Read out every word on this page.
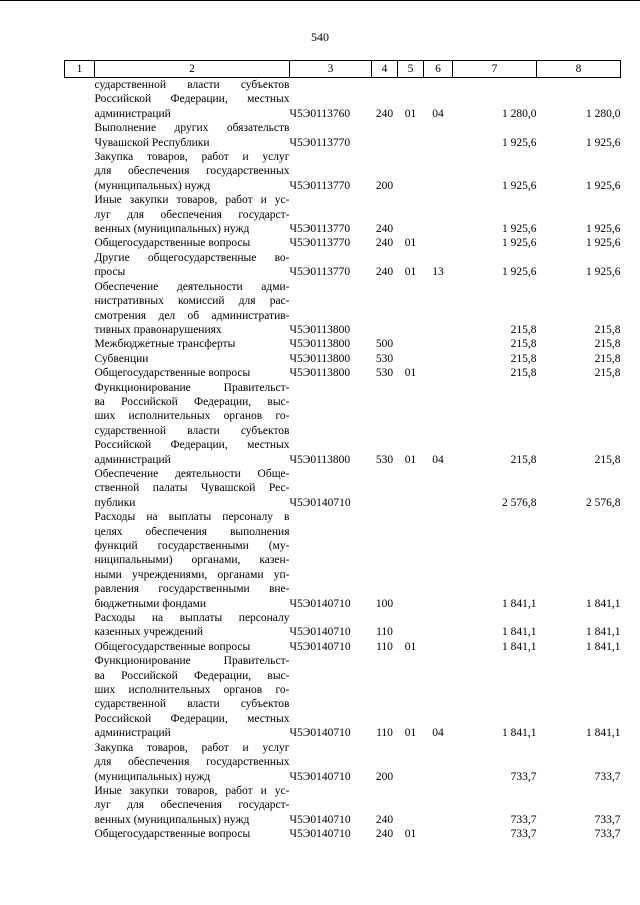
540
1	2	3	4	5	6	7	8

	сударственной власти субъектов
Российской Федерации, местных
администраций	Ч5Э0113760	240	01	04	1 280,0	1 280,0

	Выполнение других обязательств
Чувашской Республики	Ч5Э0113770				1 925,6	1 925,6

	Закупка товаров, работ и услуг
для обеспечения государственных
(муниципальных) нужд	Ч5Э0113770	200			1 925,6	1 925,6

	Иные закупки товаров, работ и ус-
луг для обеспечения государст-
венных (муниципальных) нужд	Ч5Э0113770	240			1 925,6	1 925,6

	Общегосударственные вопросы	Ч5Э0113770	240	01		1 925,6	1 925,6

	Другие общегосударственные во-
просы	Ч5Э0113770	240	01	13	1 925,6	1 925,6

	Обеспечение деятельности адми-
нистративных комиссий для рас-
смотрения дел об административ-
тивных правонарушениях	Ч5Э0113800				215,8	215,8

	Межбюджетные трансферты	Ч5Э0113800	500			215,8	215,8

	Субвенции	Ч5Э0113800	530			215,8	215,8

	Общегосударственные вопросы	Ч5Э0113800	530	01		215,8	215,8

Функционирование Правительст-
ва Российской Федерации, выс-
ших исполнительных органов го-
сударственной власти субъектов
Российской Федерации, местных
администраций	Ч5Э0113800	530	01	04	215,8	215,8

	Обеспечение деятельности Обще-
ственной палаты Чувашской Рес-
публики	Ч5Э0140710				2 576,8	2 576,8

Расходы на выплаты персоналу в
целях обеспечения выполнения
функций государственными (му-
ниципальными) органами, казен-
ными учреждениями, органами уп-
равления государственными вне-
бюджетными фондами	Ч5Э0140710	100			1 841,1	1 841,1

	Расходы на выплаты персоналу
казенных учреждений	Ч5Э0140710	110			1 841,1	1 841,1

	Общегосударственные вопросы	Ч5Э0140710	110	01		1 841,1	1 841,1

Функционирование Правительст-
ва Российской Федерации, выс-
ших исполнительных органов го-
сударственной власти субъектов
Российской Федерации, местных
администраций	Ч5Э0140710	110	01	04	1 841,1	1 841,1

	Закупка товаров, работ и услуг
для обеспечения государственных
(муниципальных) нужд	Ч5Э0140710	200			733,7	733,7

	Иные закупки товаров, работ и ус-
луг для обеспечения государст-
венных (муниципальных) нужд	Ч5Э0140710	240			733,7	733,7

	Общегосударственные вопросы	Ч5Э0140710	240	01		733,7	733,7
